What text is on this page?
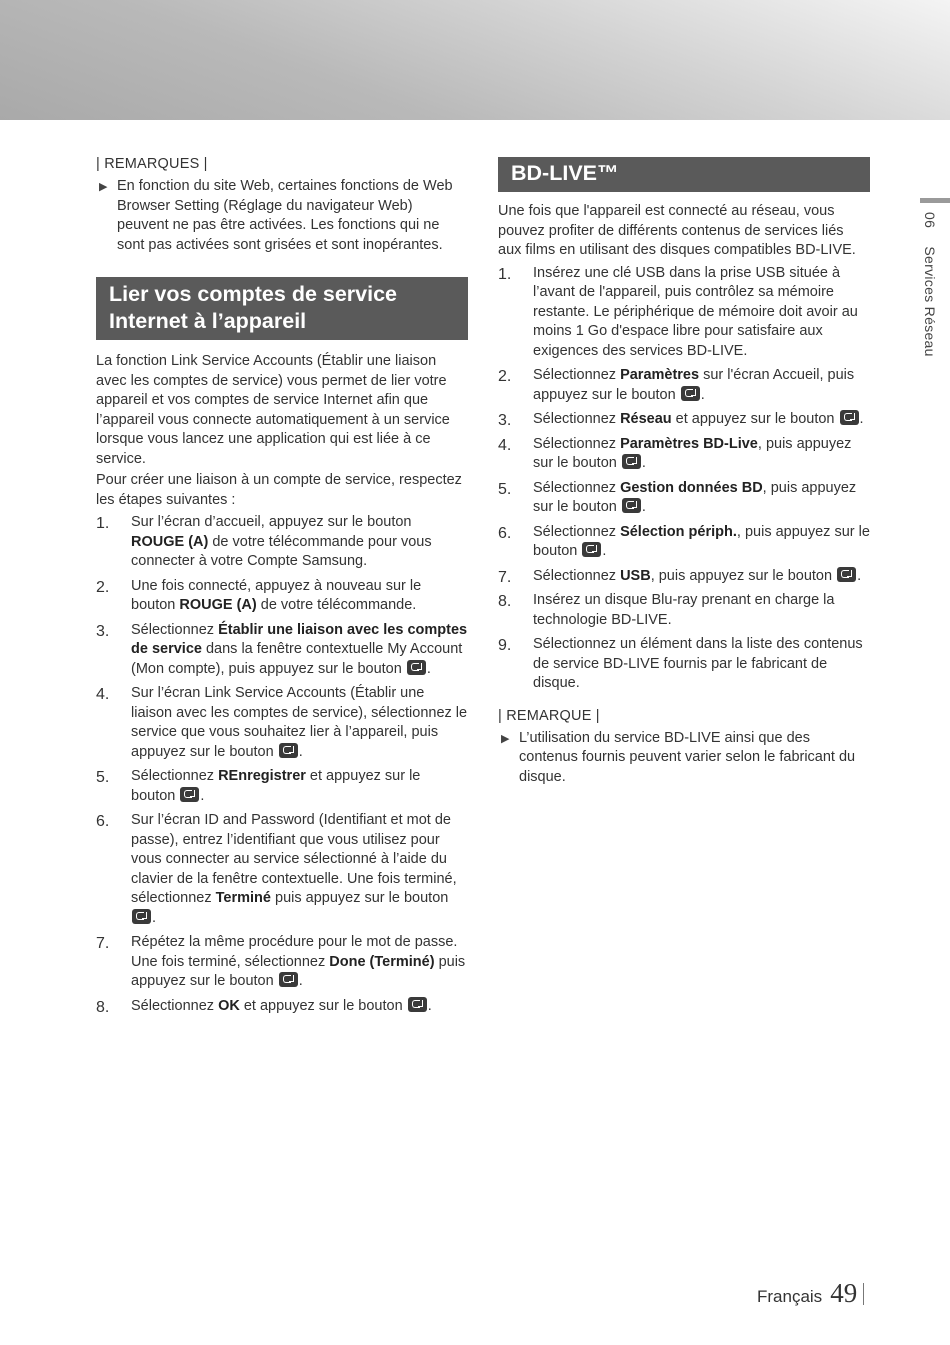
06 Services Réseau
| REMARQUES |
▶ En fonction du site Web, certaines fonctions de Web Browser Setting (Réglage du navigateur Web) peuvent ne pas être activées. Les fonctions qui ne sont pas activées sont grisées et sont inopérantes.
Lier vos comptes de service
Internet à l’appareil
La fonction Link Service Accounts (Établir une liaison avec les comptes de service) vous permet de lier votre appareil et vos comptes de service Internet afin que l’appareil vous connecte automatiquement à un service lorsque vous lancez une application qui est liée à ce service.
Pour créer une liaison à un compte de service, respectez les étapes suivantes :
1. Sur l’écran d’accueil, appuyez sur le bouton ROUGE (A) de votre télécommande pour vous connecter à votre Compte Samsung.
2. Une fois connecté, appuyez à nouveau sur le bouton ROUGE (A) de votre télécommande.
3. Sélectionnez Établir une liaison avec les comptes de service dans la fenêtre contextuelle My Account (Mon compte), puis appuyez sur le bouton .
4. Sur l’écran Link Service Accounts (Établir une liaison avec les comptes de service), sélectionnez le service que vous souhaitez lier à l’appareil, puis appuyez sur le bouton .
5. Sélectionnez REnregistrer et appuyez sur le bouton .
6. Sur l’écran ID and Password (Identifiant et mot de passe), entrez l’identifiant que vous utilisez pour vous connecter au service sélectionné à l’aide du clavier de la fenêtre contextuelle. Une fois terminé, sélectionnez Terminé puis appuyez sur le bouton .
7. Répétez la même procédure pour le mot de passe. Une fois terminé, sélectionnez Done (Terminé) puis appuyez sur le bouton .
8. Sélectionnez OK et appuyez sur le bouton .
BD-LIVE™
Une fois que l'appareil est connecté au réseau, vous pouvez profiter de différents contenus de services liés aux films en utilisant des disques compatibles BD-LIVE.
1. Insérez une clé USB dans la prise USB située à l’avant de l'appareil, puis contrôlez sa mémoire restante. Le périphérique de mémoire doit avoir au moins 1 Go d'espace libre pour satisfaire aux exigences des services BD-LIVE.
2. Sélectionnez Paramètres sur l'écran Accueil, puis appuyez sur le bouton .
3. Sélectionnez Réseau et appuyez sur le bouton .
4. Sélectionnez Paramètres BD-Live, puis appuyez sur le bouton .
5. Sélectionnez Gestion données BD, puis appuyez sur le bouton .
6. Sélectionnez Sélection périph., puis appuyez sur le bouton .
7. Sélectionnez USB, puis appuyez sur le bouton .
8. Insérez un disque Blu-ray prenant en charge la technologie BD-LIVE.
9. Sélectionnez un élément dans la liste des contenus de service BD-LIVE fournis par le fabricant de disque.
| REMARQUE |
▶ L’utilisation du service BD-LIVE ainsi que des contenus fournis peuvent varier selon le fabricant du disque.
Français 49
